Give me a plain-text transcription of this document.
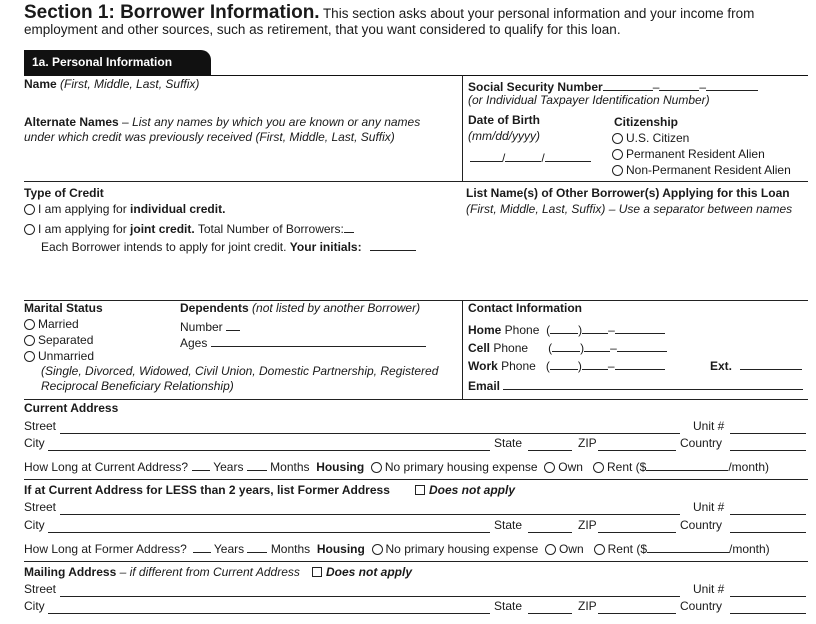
Section 1: Borrower Information. This section asks about your personal information and your income from
employment and other sources, such as retirement, that you want considered to qualify for this loan.
1a. Personal Information
Name (First, Middle, Last, Suffix)	Social Security Number	–	–
(or Individual Taxpayer Identification Number)
Alternate Names – List any names by which you are known or any names
under which credit was previously received (First, Middle, Last, Suffix)
Date of Birth
(mm/dd/yyyy)
/	/
Citizenship
U.S. Citizen
Permanent Resident Alien
Non-Permanent Resident Alien
Type of Credit
I am applying for individual credit.
I am applying for joint credit. Total Number of Borrowers:
Each Borrower intends to apply for joint credit. Your initials:
List Name(s) of Other Borrower(s) Applying for this Loan
(First, Middle, Last, Suffix) – Use a separator between names
Marital Status
Married
Separated
Unmarried
(Single, Divorced, Widowed, Civil Union, Domestic Partnership, Registered
Reciprocal Beneficiary Relationship)
Dependents (not listed by another Borrower)
Number
Ages
Contact Information
Home Phone ( ) –
Cell Phone ( ) –
Work Phone ( ) –	Ext.
Email
Current Address
Street	Unit #
City	State	ZIP	Country
How Long at Current Address? Years Months Housing No primary housing expense Own Rent ($	/month)
If at Current Address for LESS than 2 years, list Former Address	Does not apply
Street	Unit #
City	State	ZIP	Country
How Long at Former Address? Years Months Housing No primary housing expense Own Rent ($	/month)
Mailing Address – if different from Current Address	Does not apply
Street	Unit #
City	State	ZIP	Country
